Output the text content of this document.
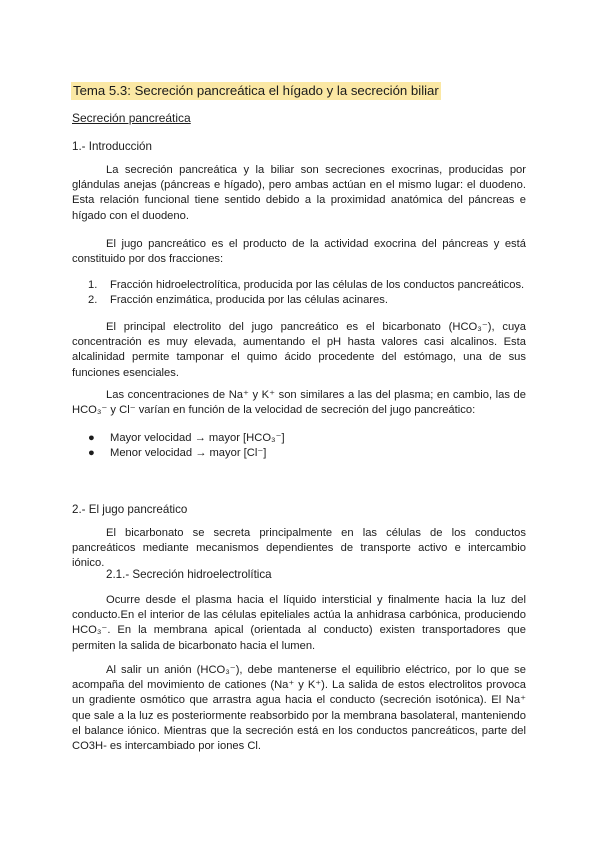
Tema 5.3: Secreción pancreática el hígado y la secreción biliar
Secreción pancreática
1.- Introducción
La secreción pancreática y la biliar son secreciones exocrinas, producidas por glándulas anejas (páncreas e hígado), pero ambas actúan en el mismo lugar: el duodeno. Esta relación funcional tiene sentido debido a la proximidad anatómica del páncreas e hígado con el duodeno.
El jugo pancreático es el producto de la actividad exocrina del páncreas y está constituido por dos fracciones:
1. Fracción hidroelectrolítica, producida por las células de los conductos pancreáticos.
2. Fracción enzimática, producida por las células acinares.
El principal electrolito del jugo pancreático es el bicarbonato (HCO₃⁻), cuya concentración es muy elevada, aumentando el pH hasta valores casi alcalinos. Esta alcalinidad permite tamponar el quimo ácido procedente del estómago, una de sus funciones esenciales.
Las concentraciones de Na⁺ y K⁺ son similares a las del plasma; en cambio, las de HCO₃⁻ y Cl⁻ varían en función de la velocidad de secreción del jugo pancreático:
● Mayor velocidad → mayor [HCO₃⁻]
● Menor velocidad → mayor [Cl⁻]
2.- El jugo pancreático
El bicarbonato se secreta principalmente en las células de los conductos pancreáticos mediante mecanismos dependientes de transporte activo e intercambio iónico.
2.1.- Secreción hidroelectrolítica
Ocurre desde el plasma hacia el líquido intersticial y finalmente hacia la luz del conducto.En el interior de las células epiteliales actúa la anhidrasa carbónica, produciendo HCO₃⁻. En la membrana apical (orientada al conducto) existen transportadores que permiten la salida de bicarbonato hacia el lumen.
Al salir un anión (HCO₃⁻), debe mantenerse el equilibrio eléctrico, por lo que se acompaña del movimiento de cationes (Na⁺ y K⁺). La salida de estos electrolitos provoca un gradiente osmótico que arrastra agua hacia el conducto (secreción isotónica). El Na⁺ que sale a la luz es posteriormente reabsorbido por la membrana basolateral, manteniendo el balance iónico. Mientras que la secreción está en los conductos pancreáticos, parte del CO3H- es intercambiado por iones Cl.
